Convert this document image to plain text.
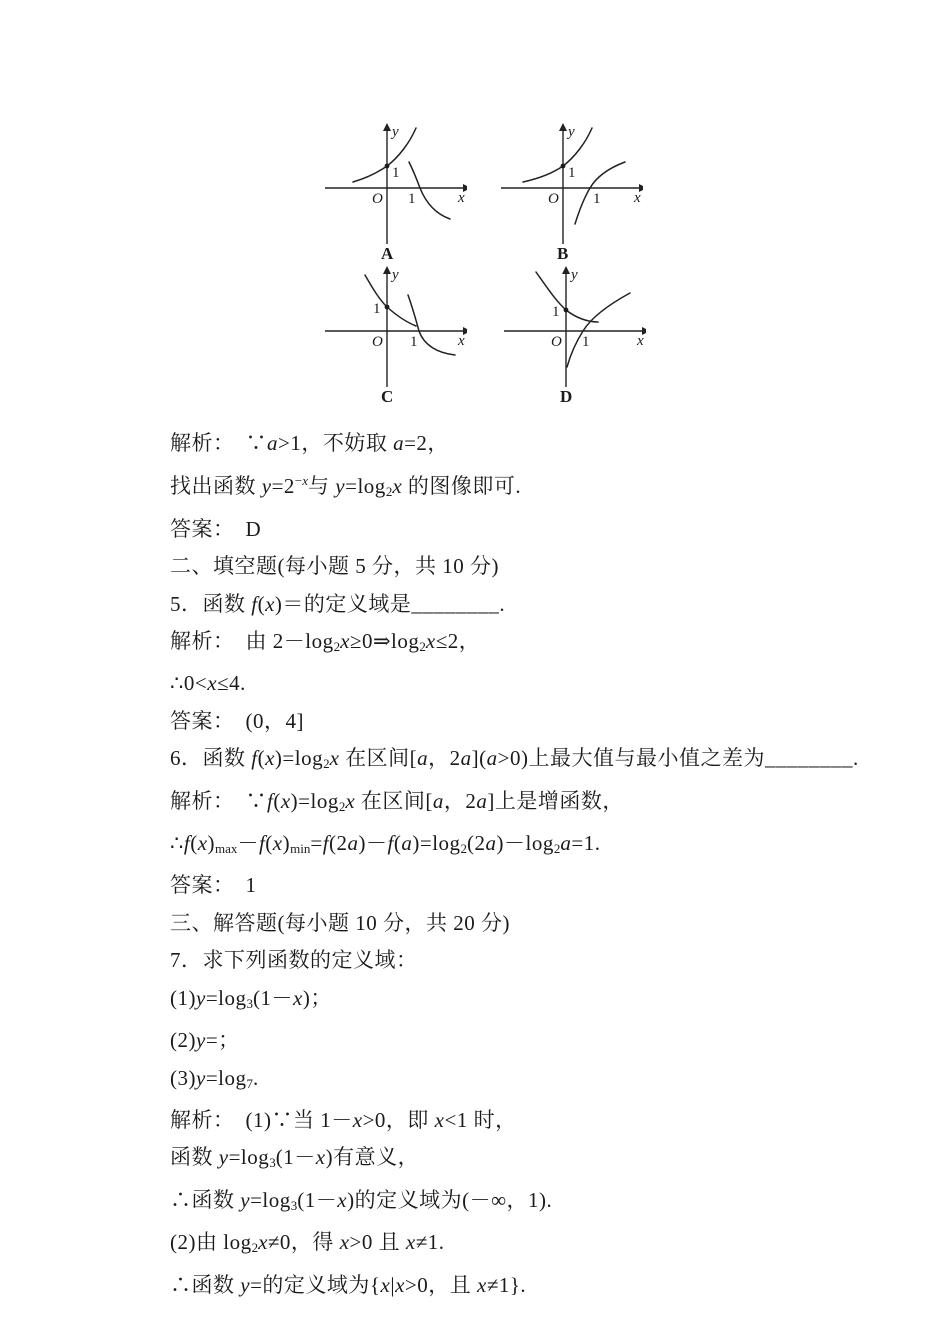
y
x
O
1
1
A
y
x
O
1
1
B
y
x
O
1
1
C
y
x
O
1
1
D

解析：　∵a>1，不妨取 a=2，

找出函数 $y=2^{-x}$与 $y=\log_2x$ 的图像即可.

答案：　D

二、填空题(每小题 5 分，共 10 分)

5．函数 f(x)＝的定义域是________.

解析：　由 $2-\log_2x\ge 0\Rightarrow\log_2x\le 2$，

∴0<x≤4.

答案：　(0，4]

6．函数 $f(x)=\log_2x$ 在区间[a，2a](a>0)上最大值与最小值之差为________.

解析：　$\because f(x)=\log_2x$ 在区间[a，2a]上是增函数，

$\therefore f(x)_{max}-f(x)_{min}=f(2a)-f(a)=\log_2(2a)-\log_2a=1$.

答案：　1

三、解答题(每小题 10 分，共 20 分)

7．求下列函数的定义域：

$(1)y=\log_3(1-x)$；

(2)y=；

$(3)y=\log_7$.

解析：　(1)∵当 1－x>0，即 x<1 时，

函数 $y=\log_3(1-x)$有意义，

∴函数 $y=\log_3(1-x)$的定义域为(－∞，1).

(2)由 $\log_2x\ne 0$，得 x>0 且 x≠1.

∴函数 y=的定义域为{x|x>0，且 x≠1}.
